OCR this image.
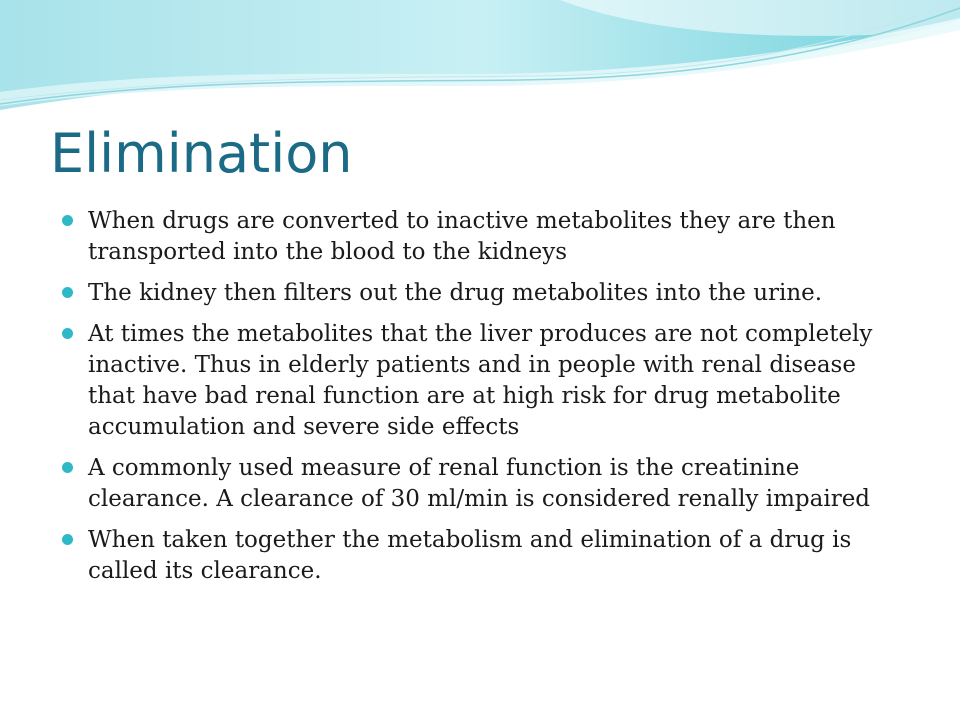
Elimination
When drugs are converted to inactive metabolites they are then transported into the blood to the kidneys
The kidney then filters out the drug metabolites into the urine.
At times the metabolites that the liver produces are not completely inactive. Thus in elderly patients and in people with renal disease that have bad renal function are at high risk for drug metabolite accumulation and severe side effects
A commonly used measure of renal function is the creatinine clearance. A clearance of 30 ml/min is considered renally impaired
When taken together the metabolism and elimination of a drug is called its clearance.
